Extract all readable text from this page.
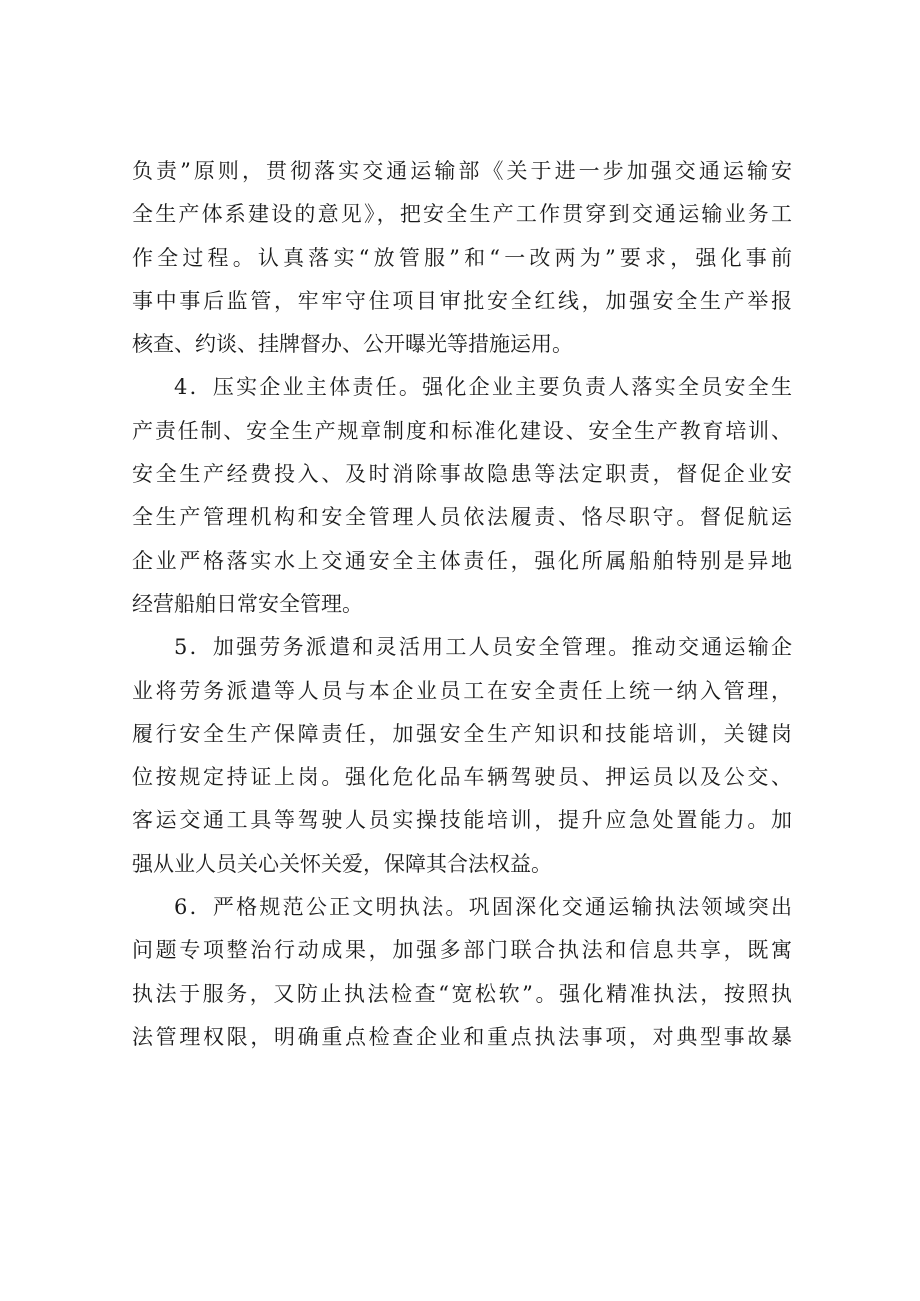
负责”原则，贯彻落实交通运输部《关于进一步加强交通运输安
全生产体系建设的意见》，把安全生产工作贯穿到交通运输业务工
作全过程。认真落实“放管服”和“一改两为”要求，强化事前
事中事后监管，牢牢守住项目审批安全红线，加强安全生产举报
核查、约谈、挂牌督办、公开曝光等措施运用。
4．压实企业主体责任。强化企业主要负责人落实全员安全生
产责任制、安全生产规章制度和标准化建设、安全生产教育培训、
安全生产经费投入、及时消除事故隐患等法定职责，督促企业安
全生产管理机构和安全管理人员依法履责、恪尽职守。督促航运
企业严格落实水上交通安全主体责任，强化所属船舶特别是异地
经营船舶日常安全管理。
5．加强劳务派遣和灵活用工人员安全管理。推动交通运输企
业将劳务派遣等人员与本企业员工在安全责任上统一纳入管理，
履行安全生产保障责任，加强安全生产知识和技能培训，关键岗
位按规定持证上岗。强化危化品车辆驾驶员、押运员以及公交、
客运交通工具等驾驶人员实操技能培训，提升应急处置能力。加
强从业人员关心关怀关爱，保障其合法权益。
6．严格规范公正文明执法。巩固深化交通运输执法领域突出
问题专项整治行动成果，加强多部门联合执法和信息共享，既寓
执法于服务，又防止执法检查“宽松软”。强化精准执法，按照执
法管理权限，明确重点检查企业和重点执法事项，对典型事故暴
